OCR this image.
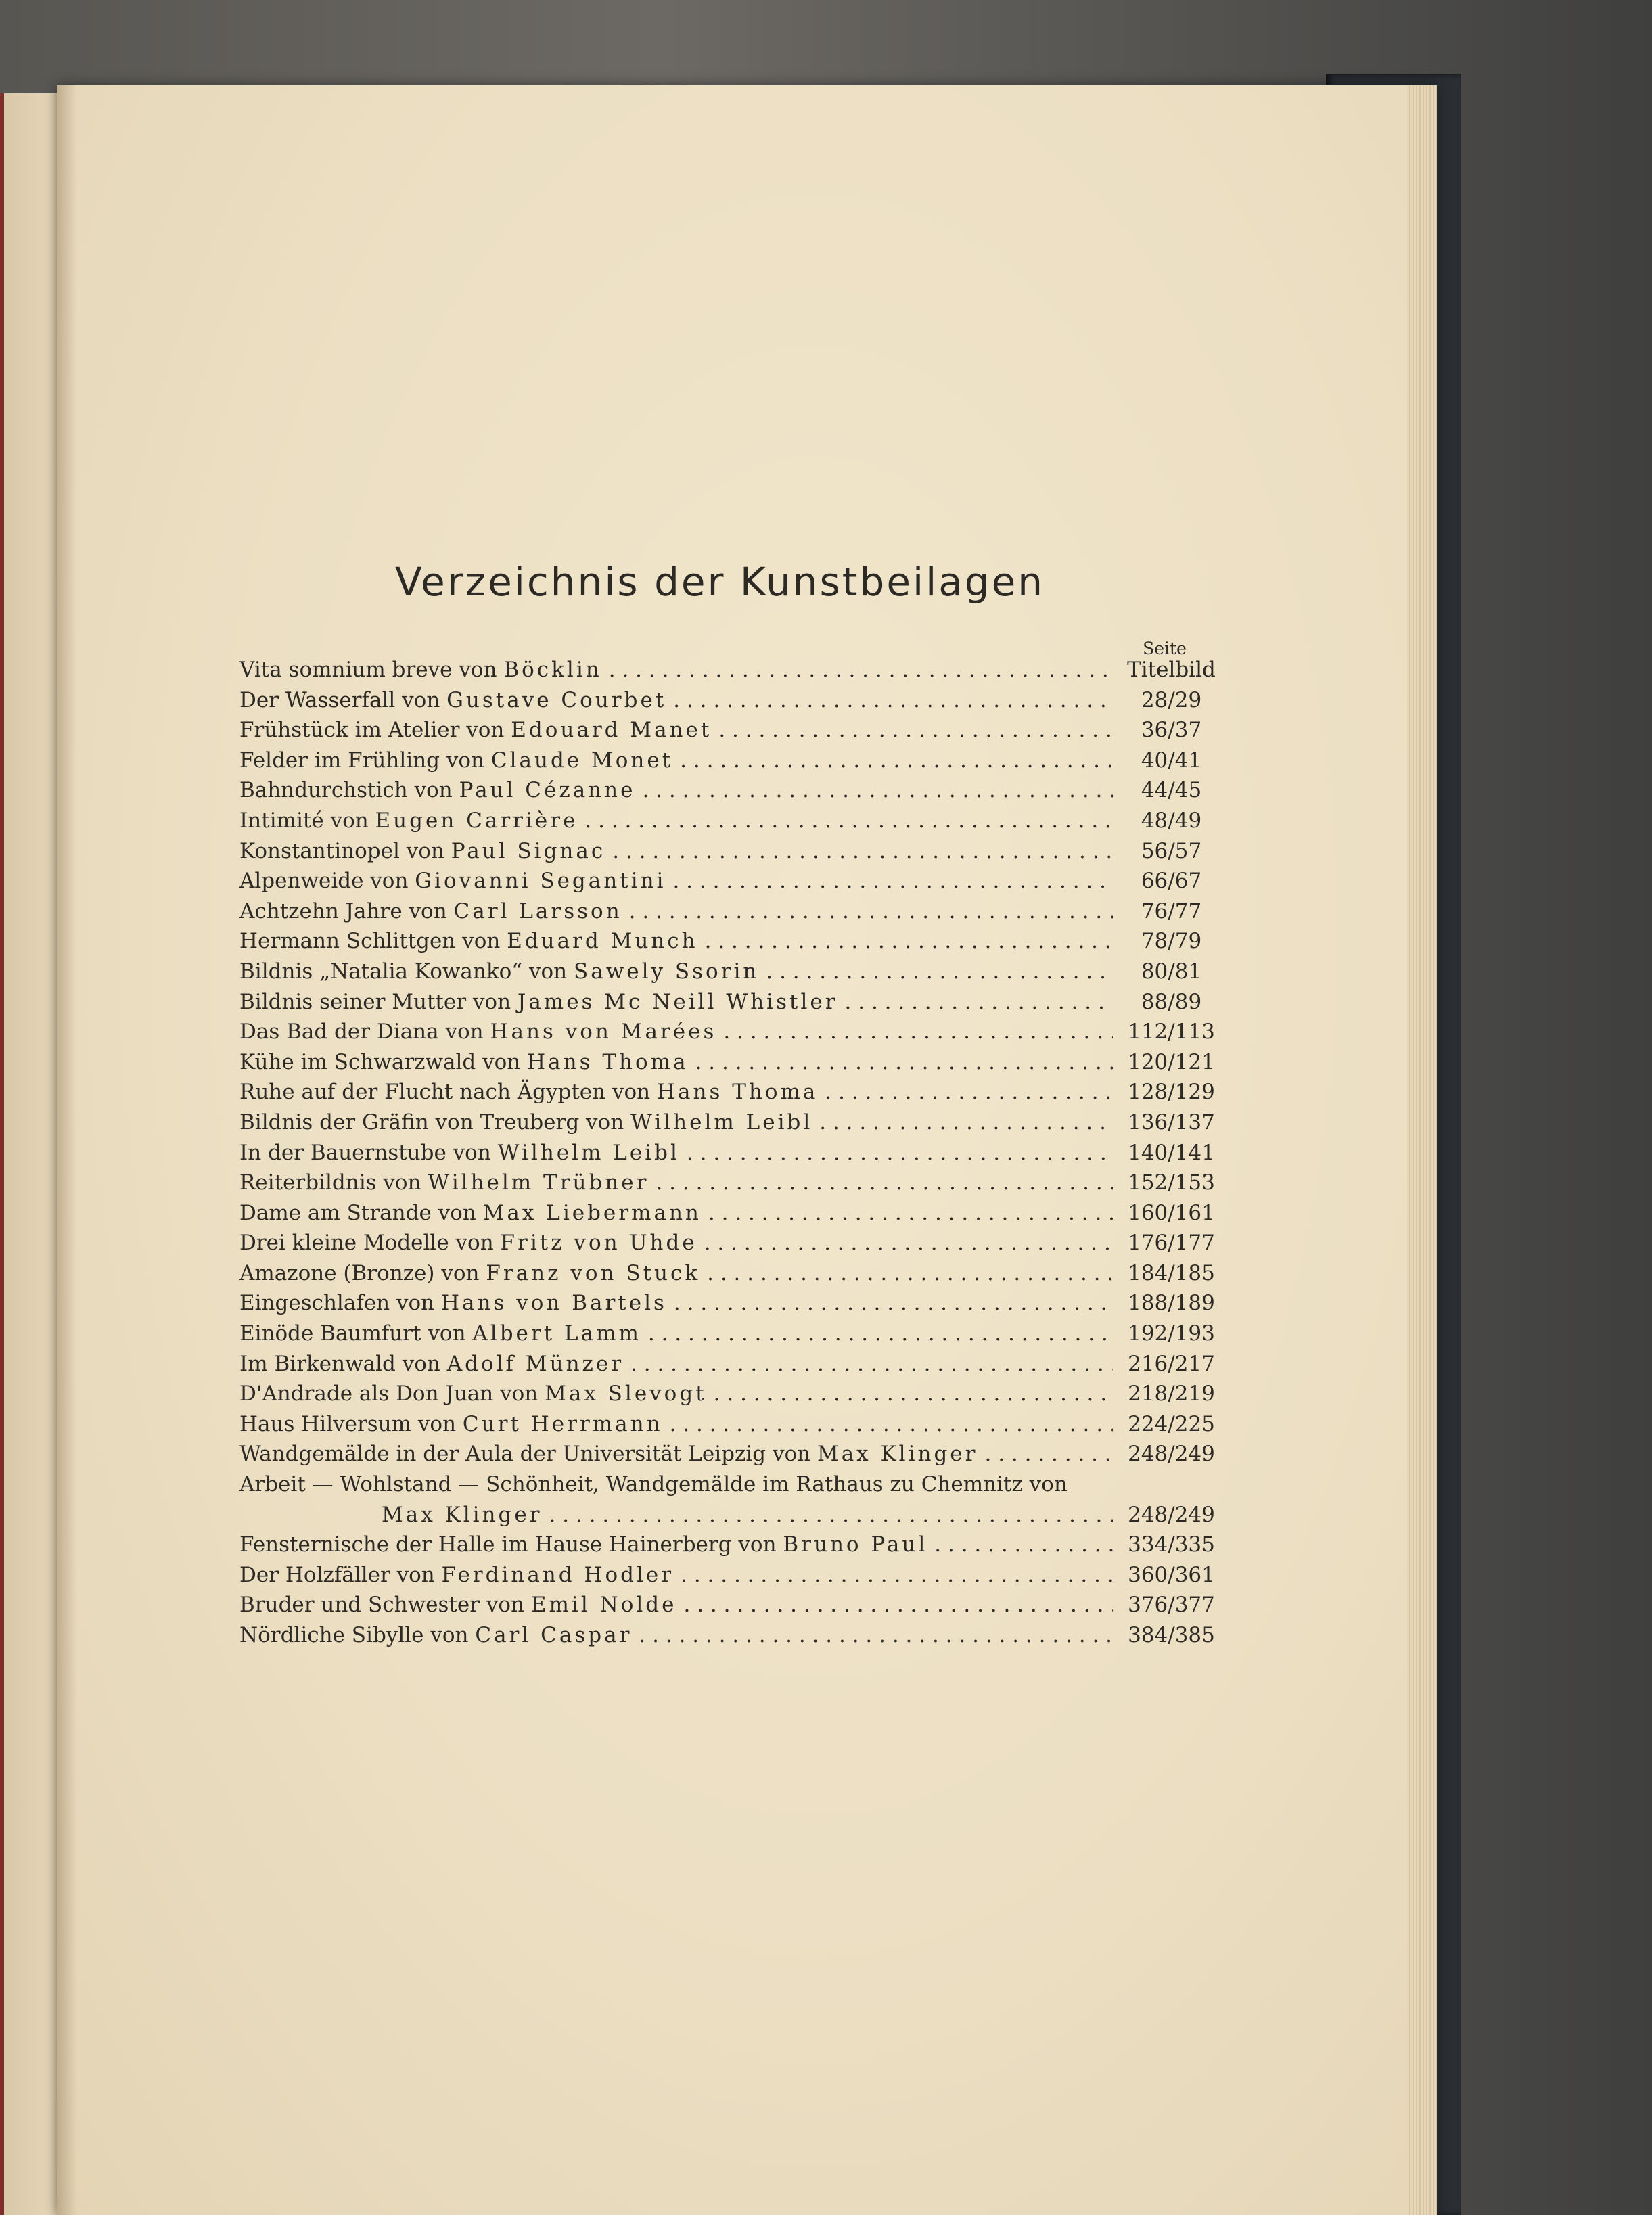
Verzeichnis der Kunstbeilagen
Seite
Vita somnium breve von Böcklin . . .	Titelbild
Der Wasserfall von Gustave Courbet . . .	28/29
Frühstück im Atelier von Edouard Manet . . .	36/37
Felder im Frühling von Claude Monet . . .	40/41
Bahndurchstich von Paul Cézanne . . .	44/45
Intimité von Eugen Carrière . . .	48/49
Konstantinopel von Paul Signac . . .	56/57
Alpenweide von Giovanni Segantini . . .	66/67
Achtzehn Jahre von Carl Larsson . . .	76/77
Hermann Schlittgen von Eduard Munch . . .	78/79
Bildnis „Natalia Kowanko“ von Sawely Ssorin . . .	80/81
Bildnis seiner Mutter von James Mc Neill Whistler . . .	88/89
Das Bad der Diana von Hans von Marées . . .	112/113
Kühe im Schwarzwald von Hans Thoma . . .	120/121
Ruhe auf der Flucht nach Ägypten von Hans Thoma . . .	128/129
Bildnis der Gräfin von Treuberg von Wilhelm Leibl . . .	136/137
In der Bauernstube von Wilhelm Leibl . . .	140/141
Reiterbildnis von Wilhelm Trübner . . .	152/153
Dame am Strande von Max Liebermann . . .	160/161
Drei kleine Modelle von Fritz von Uhde . . .	176/177
Amazone (Bronze) von Franz von Stuck . . .	184/185
Eingeschlafen von Hans von Bartels . . .	188/189
Einöde Baumfurt von Albert Lamm . . .	192/193
Im Birkenwald von Adolf Münzer . . .	216/217
D'Andrade als Don Juan von Max Slevogt . . .	218/219
Haus Hilversum von Curt Herrmann . . .	224/225
Wandgemälde in der Aula der Universität Leipzig von Max Klinger . . .	248/249
Arbeit — Wohlstand — Schönheit, Wandgemälde im Rathaus zu Chemnitz von
Max Klinger . . .	248/249
Fensternische der Halle im Hause Hainerberg von Bruno Paul . . .	334/335
Der Holzfäller von Ferdinand Hodler . . .	360/361
Bruder und Schwester von Emil Nolde . . .	376/377
Nördliche Sibylle von Carl Caspar . . .	384/385
